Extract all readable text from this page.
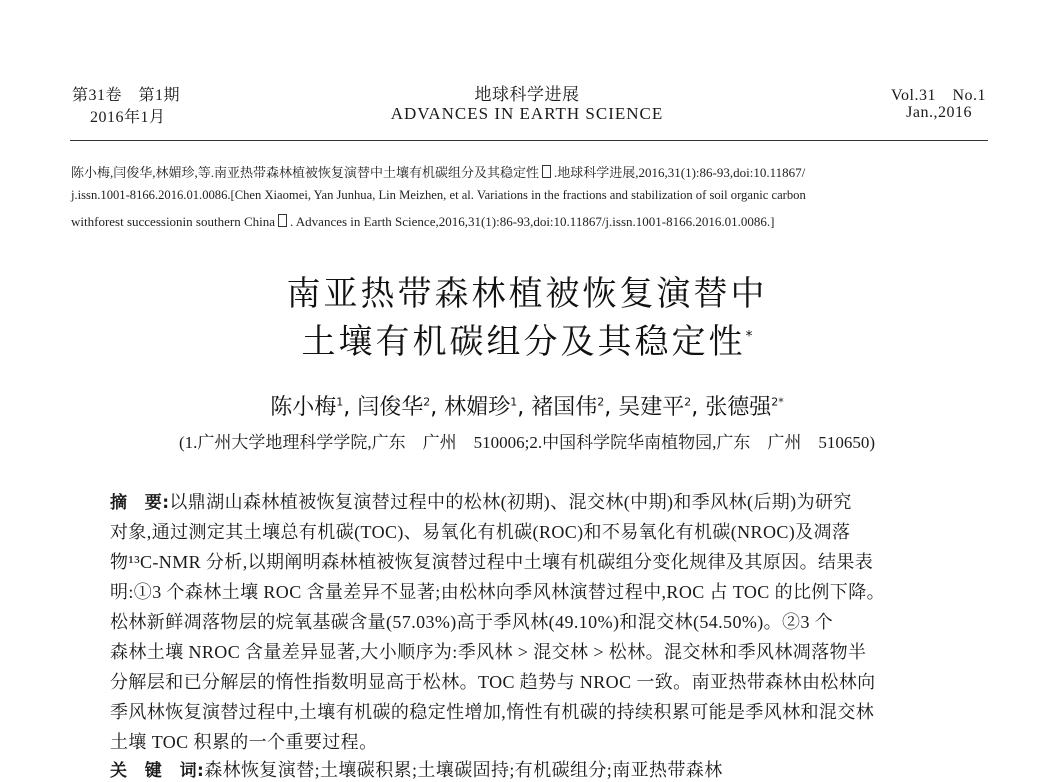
第31卷　第1期
2016年1月
地球科学进展
ADVANCES IN EARTH SCIENCE
Vol.31　No.1
Jan.,2016
陈小梅,闫俊华,林媚珍,等.南亚热带森林植被恢复演替中土壤有机碳组分及其稳定性 .地球科学进展,2016,31(1):86-93,doi:10.11867/
j.issn.1001-8166.2016.01.0086.[Chen Xiaomei, Yan Junhua, Lin Meizhen, et al. Variations in the fractions and stabilization of soil organic carbon
withforest successionin southern China . Advances in Earth Science,2016,31(1):86-93,doi:10.11867/j.issn.1001-8166.2016.01.0086.]
南亚热带森林植被恢复演替中
土壤有机碳组分及其稳定性*
陈小梅$^1$, 闫俊华$^2$, 林媚珍$^1$, 褚国伟$^2$, 吴建平$^2$, 张德强$^{2*}$
(1.广州大学地理科学学院,广东　广州　510006;2.中国科学院华南植物园,广东　广州　510650)
摘　要:以鼎湖山森林植被恢复演替过程中的松林(初期)、混交林(中期)和季风林(后期)为研究
对象,通过测定其土壤总有机碳(TOC)、易氧化有机碳(ROC)和不易氧化有机碳(NROC)及凋落
物¹³C-NMR 分析,以期阐明森林植被恢复演替过程中土壤有机碳组分变化规律及其原因。结果表
明:①3 个森林土壤 ROC 含量差异不显著;由松林向季风林演替过程中,ROC 占 TOC 的比例下降。
松林新鲜凋落物层的烷氧基碳含量(57.03%)高于季风林(49.10%)和混交林(54.50%)。②3 个
森林土壤 NROC 含量差异显著,大小顺序为:季风林 > 混交林 > 松林。混交林和季风林凋落物半
分解层和已分解层的惰性指数明显高于松林。TOC 趋势与 NROC 一致。南亚热带森林由松林向
季风林恢复演替过程中,土壤有机碳的稳定性增加,惰性有机碳的持续积累可能是季风林和混交林
土壤 TOC 积累的一个重要过程。
关　键　词:森林恢复演替;土壤碳积累;土壤碳固持;有机碳组分;南亚热带森林
